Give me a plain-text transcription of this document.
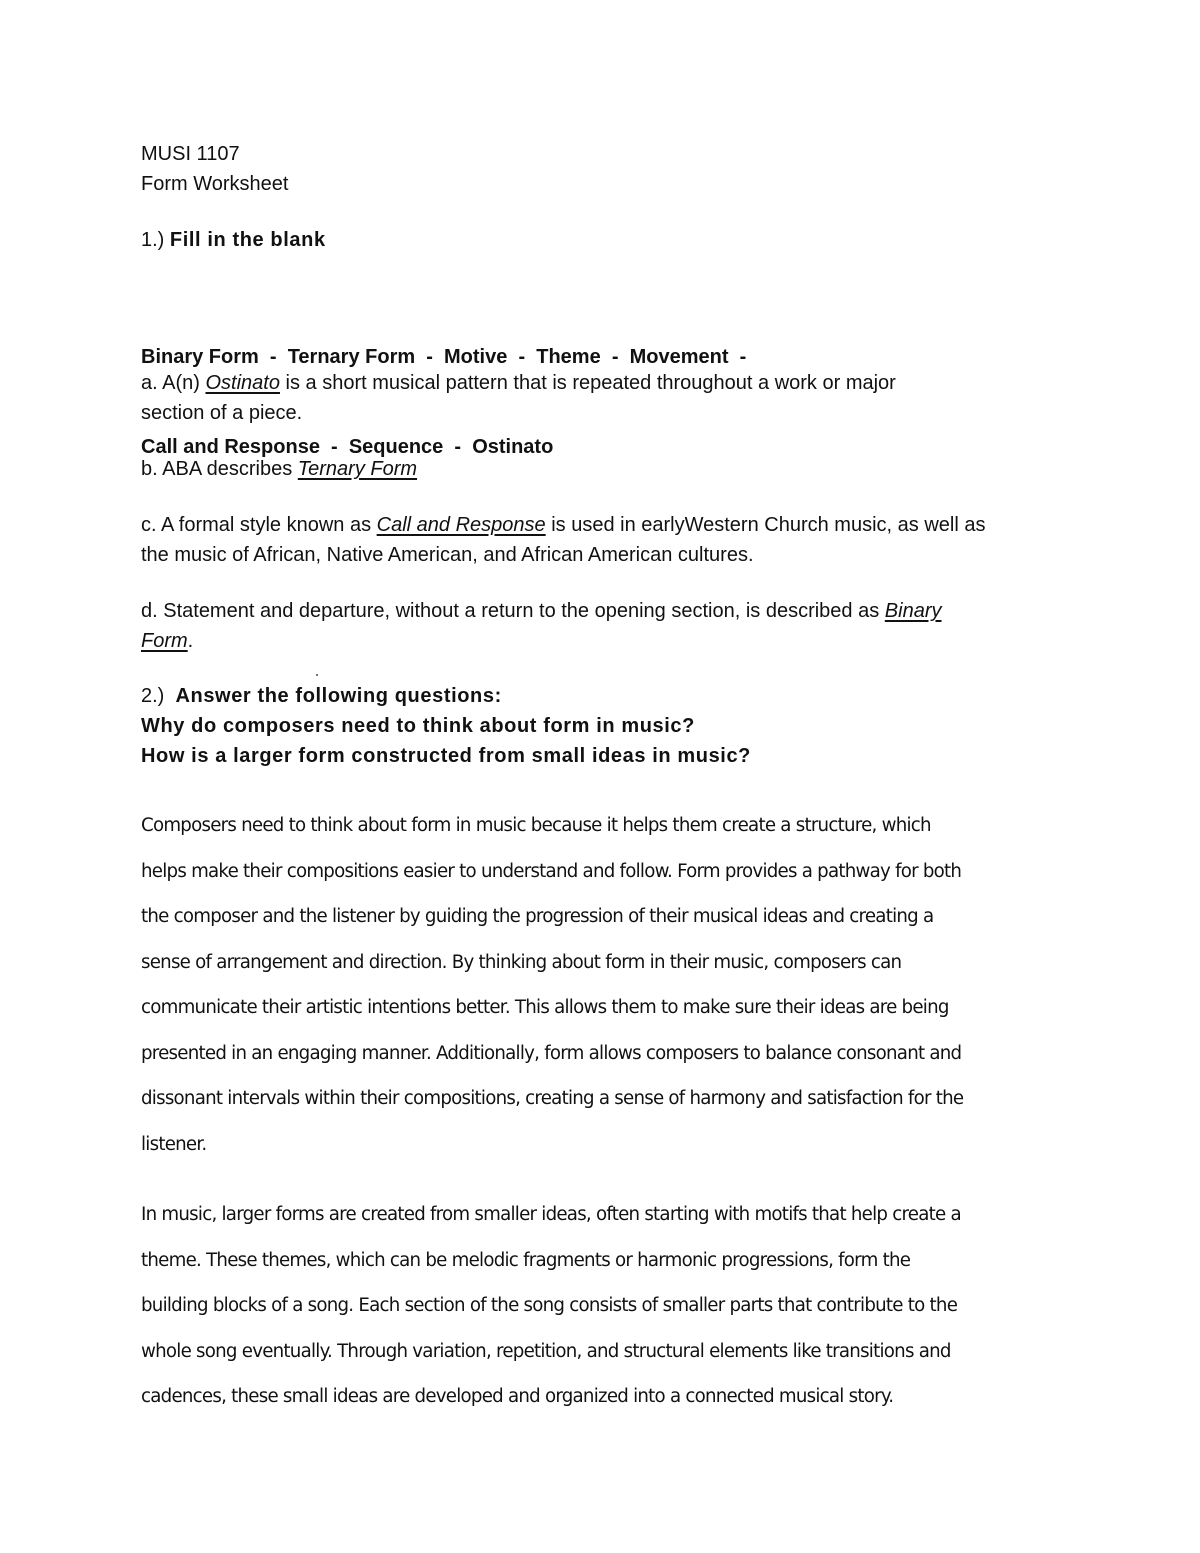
MUSI 1107
Form Worksheet
1.) Fill in the blank

Binary Form  -  Ternary Form  -  Motive  -  Theme  -  Movement  -

Call and Response  -  Sequence  -  Ostinato

a. A(n) Ostinato is a short musical pattern that is repeated throughout a work or major
section of a piece.
b. ABA describes Ternary Form
c. A formal style known as Call and Response is used in earlyWestern Church music, as well as
the music of African, Native American, and African American cultures.
d. Statement and departure, without a return to the opening section, is described as Binary
Form.
2.) Answer the following questions:
Why do composers need to think about form in music?
How is a larger form constructed from small ideas in music?
Composers need to think about form in music because it helps them create a structure, which
helps make their compositions easier to understand and follow. Form provides a pathway for both
the composer and the listener by guiding the progression of their musical ideas and creating a
sense of arrangement and direction. By thinking about form in their music, composers can
communicate their artistic intentions better. This allows them to make sure their ideas are being
presented in an engaging manner. Additionally, form allows composers to balance consonant and
dissonant intervals within their compositions, creating a sense of harmony and satisfaction for the
listener.
In music, larger forms are created from smaller ideas, often starting with motifs that help create a
theme. These themes, which can be melodic fragments or harmonic progressions, form the
building blocks of a song. Each section of the song consists of smaller parts that contribute to the
whole song eventually. Through variation, repetition, and structural elements like transitions and
cadences, these small ideas are developed and organized into a connected musical story.
